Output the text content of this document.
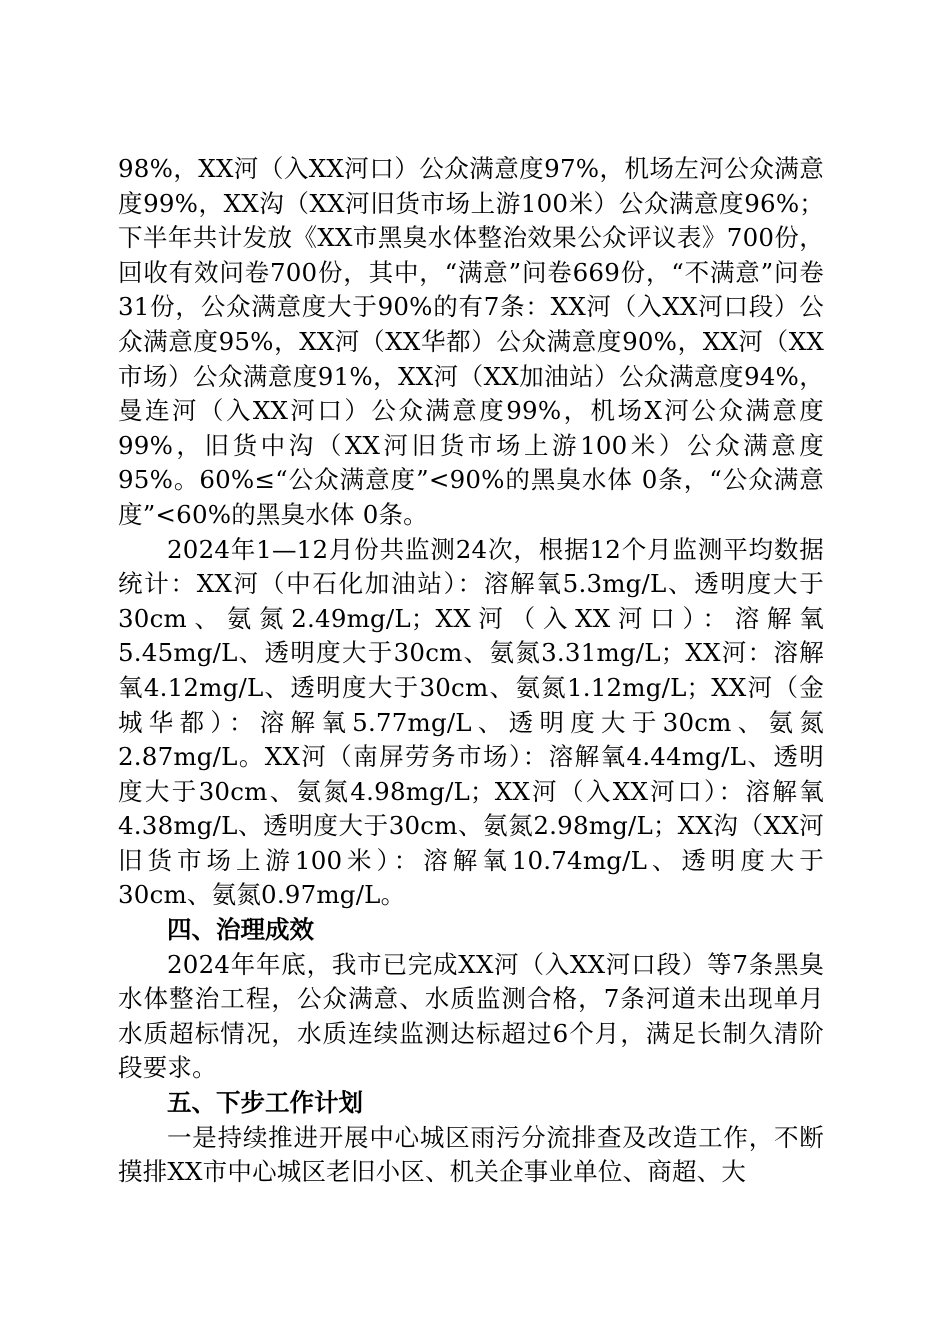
98%，XX河（入XX河口）公众满意度97%，机场左河公众满意度99%，XX沟（XX河旧货市场上游100米）公众满意度96%；下半年共计发放《XX市黑臭水体整治效果公众评议表》700份，回收有效问卷700份，其中，“满意”问卷669份，“不满意”问卷31份，公众满意度大于90%的有7条：XX河（入XX河口段）公众满意度95%，XX河（XX华都）公众满意度90%，XX河（XX市场）公众满意度91%，XX河（XX加油站）公众满意度94%，曼连河（入XX河口）公众满意度99%，机场X河公众满意度99%，旧货中沟（XX河旧货市场上游100米）公众满意度95%。60%≤“公众满意度”<90%的黑臭水体 0条，“公众满意度”<60%的黑臭水体 0条。

2024年1—12月份共监测24次，根据12个月监测平均数据统计：XX河（中石化加油站）：溶解氧5.3mg/L、透明度大于30cm、氨氮2.49mg/L；XX河（入XX河口）：溶解氧5.45mg/L、透明度大于30cm、氨氮3.31mg/L；XX河：溶解氧4.12mg/L、透明度大于30cm、氨氮1.12mg/L；XX河（金城华都）：溶解氧5.77mg/L、透明度大于30cm、氨氮2.87mg/L。XX河（南屏劳务市场）：溶解氧4.44mg/L、透明度大于30cm、氨氮4.98mg/L；XX河（入XX河口）：溶解氧4.38mg/L、透明度大于30cm、氨氮2.98mg/L；XX沟（XX河旧货市场上游100米）：溶解氧10.74mg/L、透明度大于30cm、氨氮0.97mg/L。

四、治理成效

2024年年底，我市已完成XX河（入XX河口段）等7条黑臭水体整治工程，公众满意、水质监测合格，7条河道未出现单月水质超标情况，水质连续监测达标超过6个月，满足长制久清阶段要求。

五、下步工作计划

一是持续推进开展中心城区雨污分流排查及改造工作，不断摸排XX市中心城区老旧小区、机关企事业单位、商超、大
